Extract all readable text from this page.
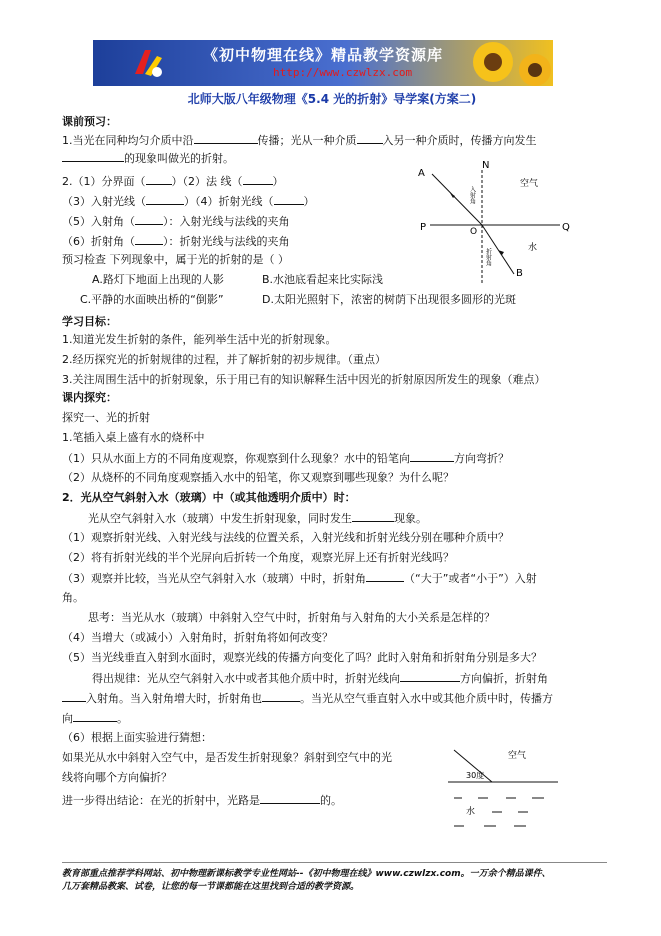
《初中物理在线》精品教学资源库
http://www.czwlzx.com
北师大版八年级物理《5.4 光的折射》导学案(方案二)
课前预习：
1.当光在同种均匀介质中沿	传播；光从一种介质 入另一种介质时，传播方向发生
的现象叫做光的折射。
2.（1）分界面（ ）（2）法 线（	）
（3）入射光线（	）（4）折射光线（	）
（5）入射角（	）：入射光线与法线的夹角
（6）折射角（	）：折射光线与法线的夹角
预习检查 下列现象中，属于光的折射的是（ ）
A.路灯下地面上出现的人影	B.水池底看起来比实际浅
C.平静的水面映出桥的“倒影”	D.太阳光照射下，浓密的树荫下出现很多圆形的光斑
A
N
空气
P	Q
O
水
B
入射角
折射角
学习目标：
1.知道光发生折射的条件，能列举生活中光的折射现象。
2.经历探究光的折射规律的过程，并了解折射的初步规律。（重点）
3.关注周围生活中的折射现象，乐于用已有的知识解释生活中因光的折射原因所发生的现象（难点）
课内探究：
探究一、光的折射
1.笔插入桌上盛有水的烧杯中
（1）只从水面上方的不同角度观察，你观察到什么现象？水中的铅笔向	方向弯折？
（2）从烧杯的不同角度观察插入水中的铅笔，你又观察到哪些现象？为什么呢？
2．光从空气斜射入水（玻璃）中（或其他透明介质中）时：
光从空气斜射入水（玻璃）中发生折射现象，同时发生	现象。
（1）观察折射光线、入射光线与法线的位置关系，入射光线和折射光线分别在哪种介质中？
（2）将有折射光线的半个光屏向后折转一个角度，观察光屏上还有折射光线吗？
（3）观察并比较，当光从空气斜射入水（玻璃）中时，折射角	（“大于”或者“小于”）入射
角。
思考：当光从水（玻璃）中斜射入空气中时，折射角与入射角的大小关系是怎样的？
（4）当增大（或减小）入射角时，折射角将如何改变？
（5）当光线垂直入射到水面时，观察光线的传播方向变化了吗？此时入射角和折射角分别是多大？
得出规律：光从空气斜射入水中或者其他介质中时，折射光线向	方向偏折，折射角
入射角。当入射角增大时，折射角也	。当光从空气垂直射入水中或其他介质中时，传播方
向	。
（6）根据上面实验进行猜想：
如果光从水中斜射入空气中，是否发生折射现象？斜射到空气中的光
线将向哪个方向偏折？
进一步得出结论：在光的折射中，光路是	的。
空气
30度
水
教育部重点推荐学科网站、初中物理新课标教学专业性网站--《初中物理在线》www.czwlzx.com。一万余个精品课件、
几万套精品教案、试卷，让您的每一节课都能在这里找到合适的教学资源。
